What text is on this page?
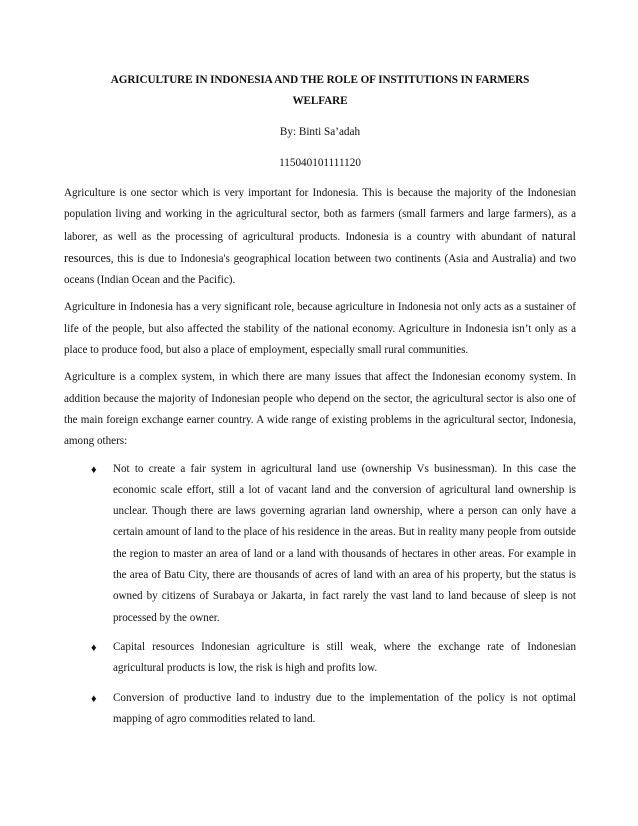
AGRICULTURE IN INDONESIA AND THE ROLE OF INSTITUTIONS IN FARMERS WELFARE

By: Binti Sa’adah

115040101111120

Agriculture is one sector which is very important for Indonesia. This is because the majority of the Indonesian population living and working in the agricultural sector, both as farmers (small farmers and large farmers), as a laborer, as well as the processing of agricultural products. Indonesia is a country with abundant of natural resources, this is due to Indonesia's geographical location between two continents (Asia and Australia) and two oceans (Indian Ocean and the Pacific).

Agriculture in Indonesia has a very significant role, because agriculture in Indonesia not only acts as a sustainer of life of the people, but also affected the stability of the national economy. Agriculture in Indonesia isn’t only as a place to produce food, but also a place of employment, especially small rural communities.

Agriculture is a complex system, in which there are many issues that affect the Indonesian economy system. In addition because the majority of Indonesian people who depend on the sector, the agricultural sector is also one of the main foreign exchange earner country. A wide range of existing problems in the agricultural sector, Indonesia, among others:

♦ Not to create a fair system in agricultural land use (ownership Vs businessman). In this case the economic scale effort, still a lot of vacant land and the conversion of agricultural land ownership is unclear. Though there are laws governing agrarian land ownership, where a person can only have a certain amount of land to the place of his residence in the areas. But in reality many people from outside the region to master an area of land or a land with thousands of hectares in other areas. For example in the area of Batu City, there are thousands of acres of land with an area of his property, but the status is owned by citizens of Surabaya or Jakarta, in fact rarely the vast land to land because of sleep is not processed by the owner.

♦ Capital resources Indonesian agriculture is still weak, where the exchange rate of Indonesian agricultural products is low, the risk is high and profits low.

♦ Conversion of productive land to industry due to the implementation of the policy is not optimal mapping of agro commodities related to land.
